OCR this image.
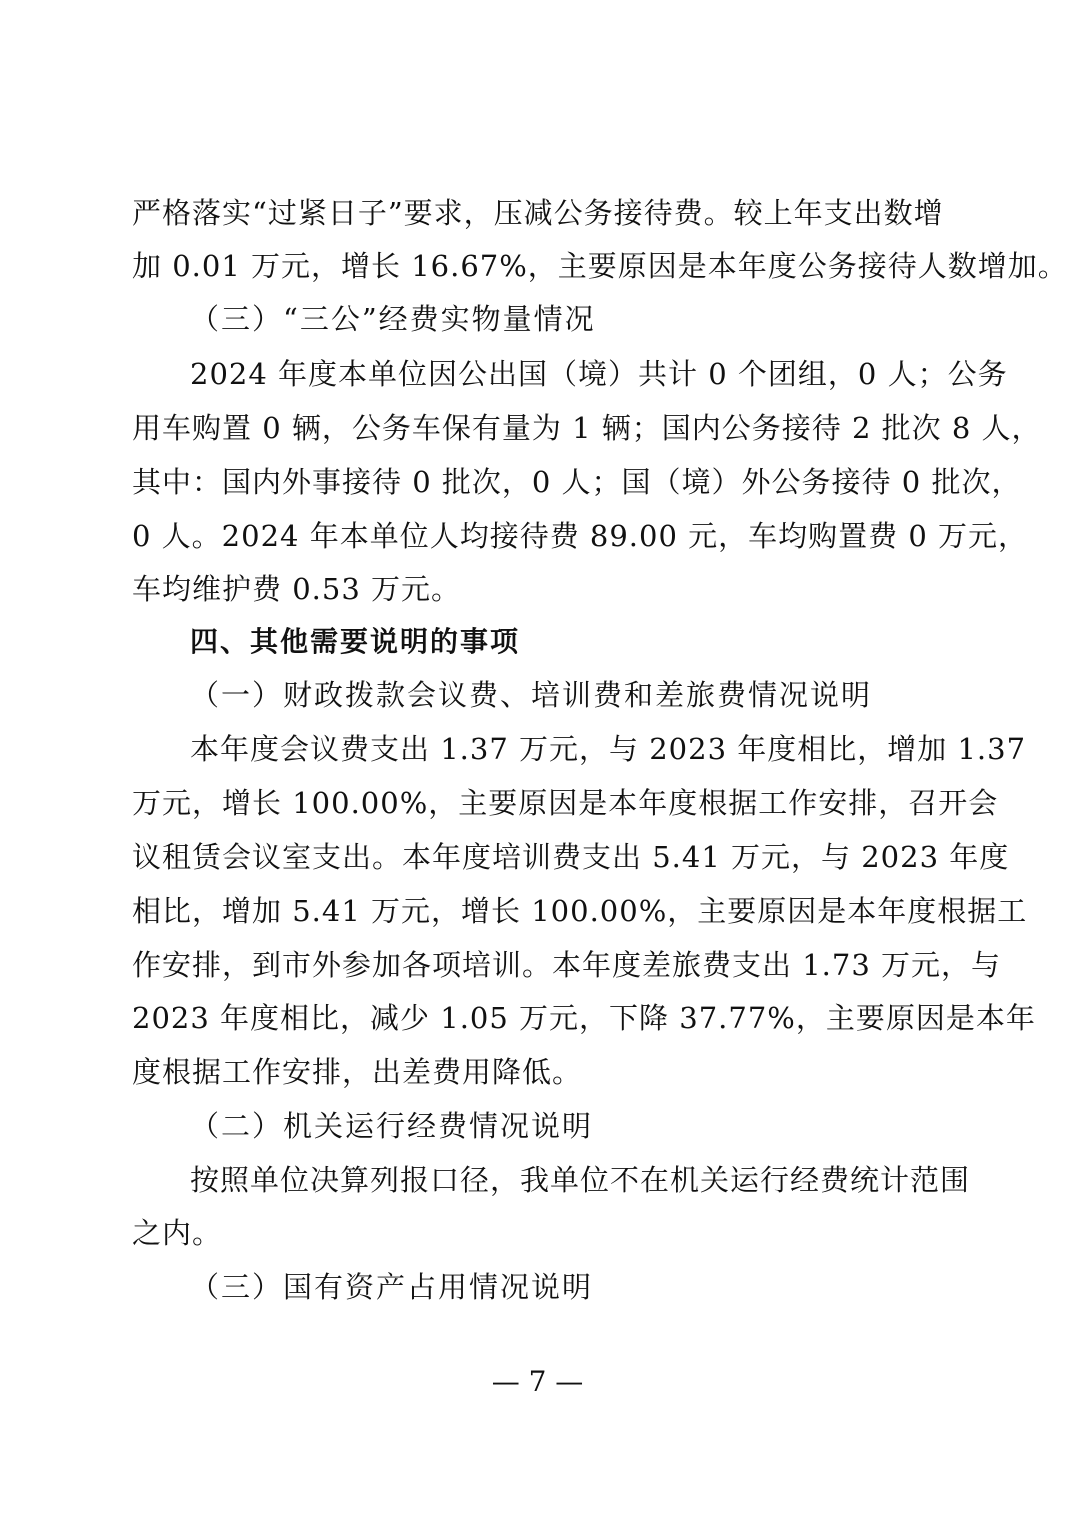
严格落实“过紧日子”要求，压减公务接待费。较上年支出数增
加 0.01 万元，增长 16.67%，主要原因是本年度公务接待人数增加。
（三）“三公”经费实物量情况
2024 年度本单位因公出国（境）共计 0 个团组，0 人；公务
用车购置 0 辆，公务车保有量为 1 辆；国内公务接待 2 批次 8 人，
其中：国内外事接待 0 批次，0 人；国（境）外公务接待 0 批次，
0 人。2024 年本单位人均接待费 89.00 元，车均购置费 0 万元，
车均维护费 0.53 万元。
四、其他需要说明的事项
（一）财政拨款会议费、培训费和差旅费情况说明
本年度会议费支出 1.37 万元，与 2023 年度相比，增加 1.37
万元，增长 100.00%，主要原因是本年度根据工作安排，召开会
议租赁会议室支出。本年度培训费支出 5.41 万元，与 2023 年度
相比，增加 5.41 万元，增长 100.00%，主要原因是本年度根据工
作安排，到市外参加各项培训。本年度差旅费支出 1.73 万元，与
2023 年度相比，减少 1.05 万元，下降 37.77%，主要原因是本年
度根据工作安排，出差费用降低。
（二）机关运行经费情况说明
按照单位决算列报口径，我单位不在机关运行经费统计范围
之内。
（三）国有资产占用情况说明
— 7 —
